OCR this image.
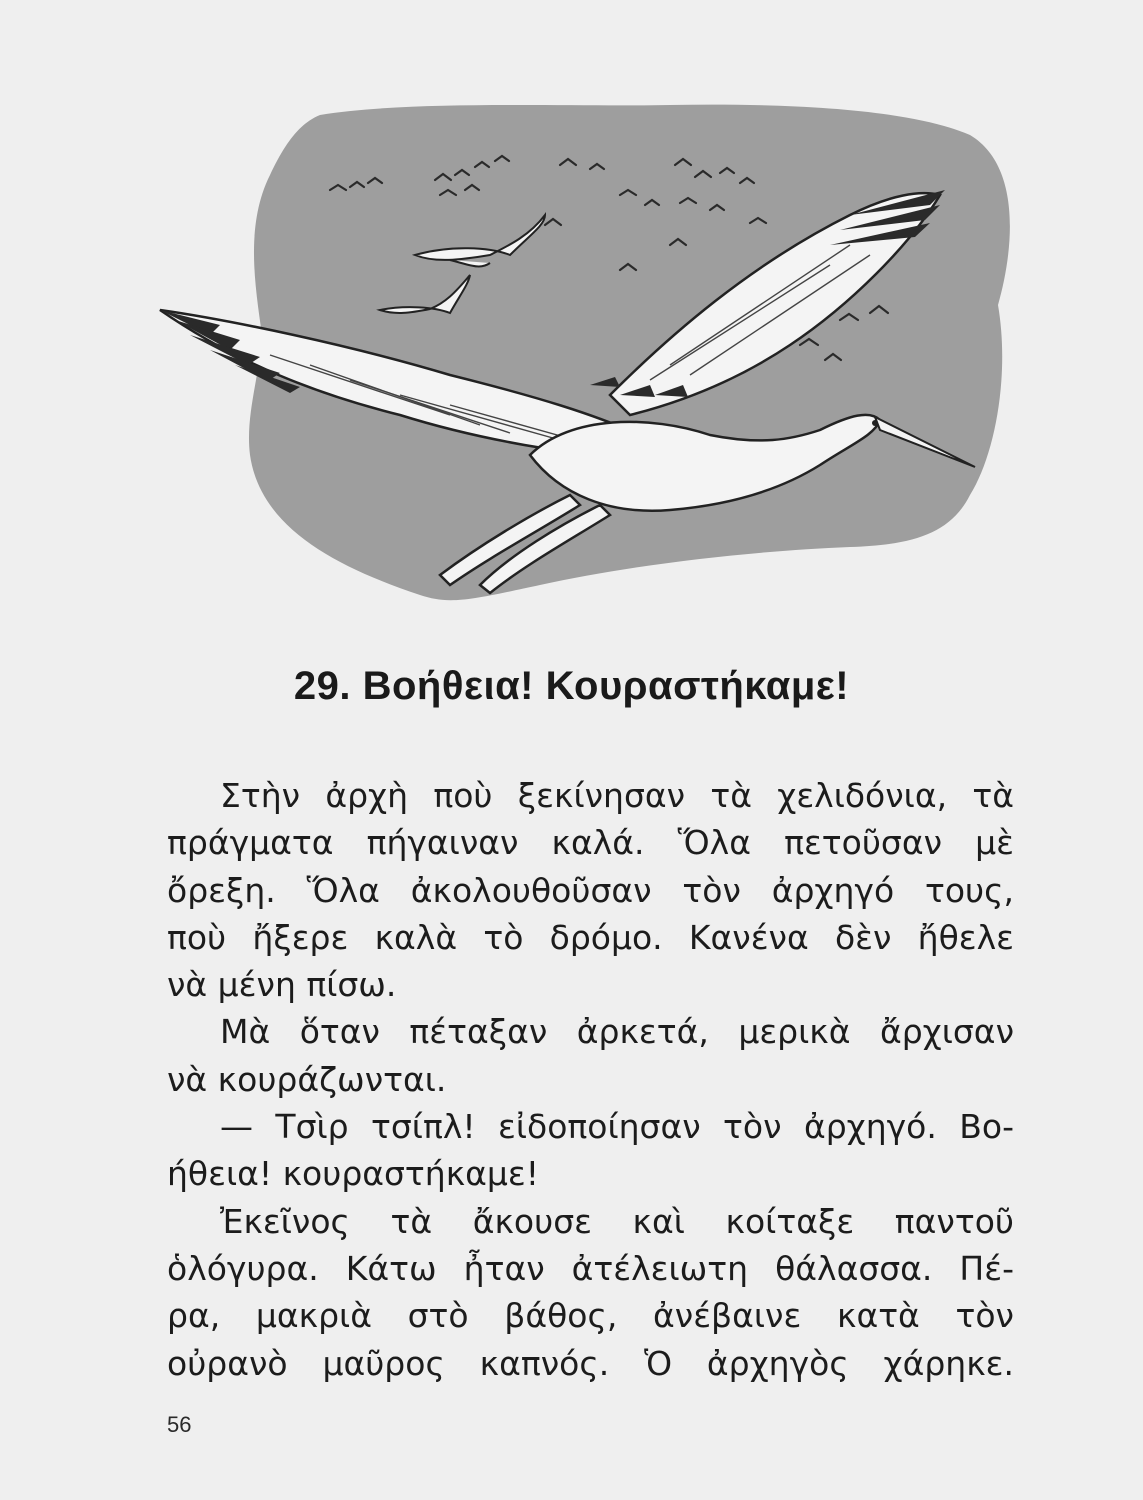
29. Βοήθεια! Κουραστήκαμε!
Στὴν ἀρχὴ ποὺ ξεκίνησαν τὰ χελιδόνια, τὰ
πράγματα πήγαιναν καλά. Ὅλα πετοῦσαν μὲ
ὄρεξη. Ὅλα ἀκολουθοῦσαν τὸν ἀρχηγό τους,
ποὺ ἤξερε καλὰ τὸ δρόμο. Κανένα δὲν ἤθελε
νὰ μένη πίσω.
Μὰ ὅταν πέταξαν ἀρκετά, μερικὰ ἄρχισαν
νὰ κουράζωνται.
— Τσὶρ τσίπλ! εἰδοποίησαν τὸν ἀρχηγό. Βο-
ήθεια! κουραστήκαμε!
Ἐκεῖνος τὰ ἄκουσε καὶ κοίταξε παντοῦ
ὁλόγυρα. Κάτω ἦταν ἀτέλειωτη θάλασσα. Πέ-
ρα, μακριὰ στὸ βάθος, ἀνέβαινε κατὰ τὸν
οὐρανὸ μαῦρος καπνός. Ὁ ἀρχηγὸς χάρηκε.
56
